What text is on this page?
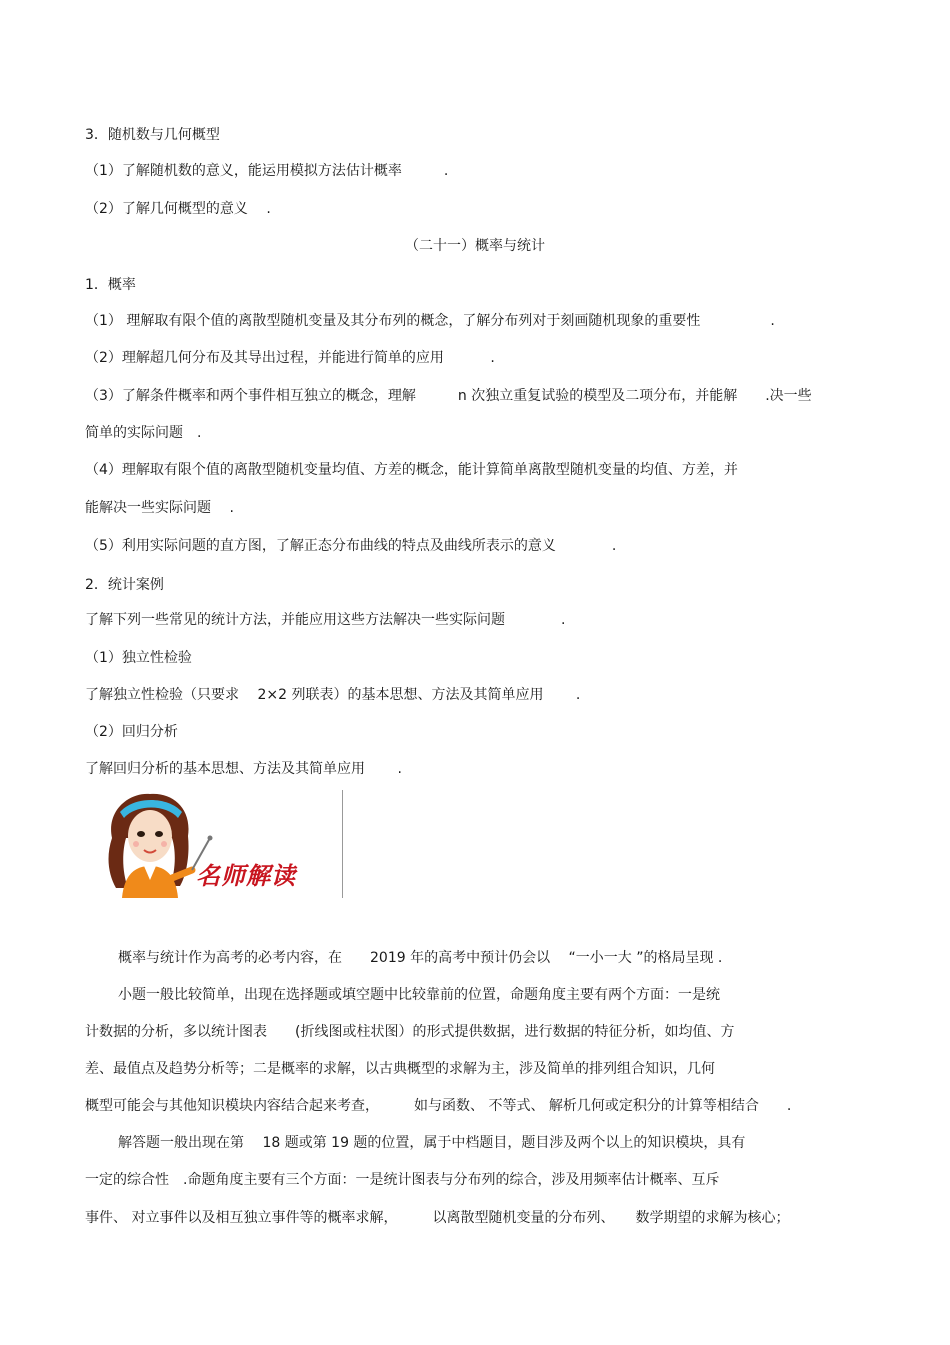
3．随机数与几何概型
（1）了解随机数的意义，能运用模拟方法估计概率　　　.
（2）了解几何概型的意义　 .
（二十一）概率与统计
1．概率
（1） 理解取有限个值的离散型随机变量及其分布列的概念，了解分布列对于刻画随机现象的重要性　　　　　.
（2）理解超几何分布及其导出过程，并能进行简单的应用　　　 .
（3）了解条件概率和两个事件相互独立的概念，理解　　　n 次独立重复试验的模型及二项分布，并能解　　.决一些
简单的实际问题　.
（4）理解取有限个值的离散型随机变量均值、方差的概念，能计算简单离散型随机变量的均值、方差，并
能解决一些实际问题　 .
（5）利用实际问题的直方图，了解正态分布曲线的特点及曲线所表示的意义　　　　.
2．统计案例
了解下列一些常见的统计方法，并能应用这些方法解决一些实际问题　　　　.
（1）独立性检验
了解独立性检验（只要求　 2×2 列联表）的基本思想、方法及其简单应用　　 .
（2）回归分析
了解回归分析的基本思想、方法及其简单应用　　 .
名师解读
概率与统计作为高考的必考内容，在　　2019 年的高考中预计仍会以　 “一小一大 ”的格局呈现 .
小题一般比较简单，出现在选择题或填空题中比较靠前的位置，命题角度主要有两个方面：一是统
计数据的分析，多以统计图表　　(折线图或柱状图）的形式提供数据，进行数据的特征分析，如均值、方
差、最值点及趋势分析等；二是概率的求解，以古典概型的求解为主，涉及简单的排列组合知识，几何
概型可能会与其他知识模块内容结合起来考查，　　　如与函数、 不等式、 解析几何或定积分的计算等相结合　　.
解答题一般出现在第　 18 题或第 19 题的位置，属于中档题目，题目涉及两个以上的知识模块，具有
一定的综合性　.命题角度主要有三个方面：一是统计图表与分布列的综合，涉及用频率估计概率、互斥
事件、 对立事件以及相互独立事件等的概率求解，　　　以离散型随机变量的分布列、　　数学期望的求解为核心；
